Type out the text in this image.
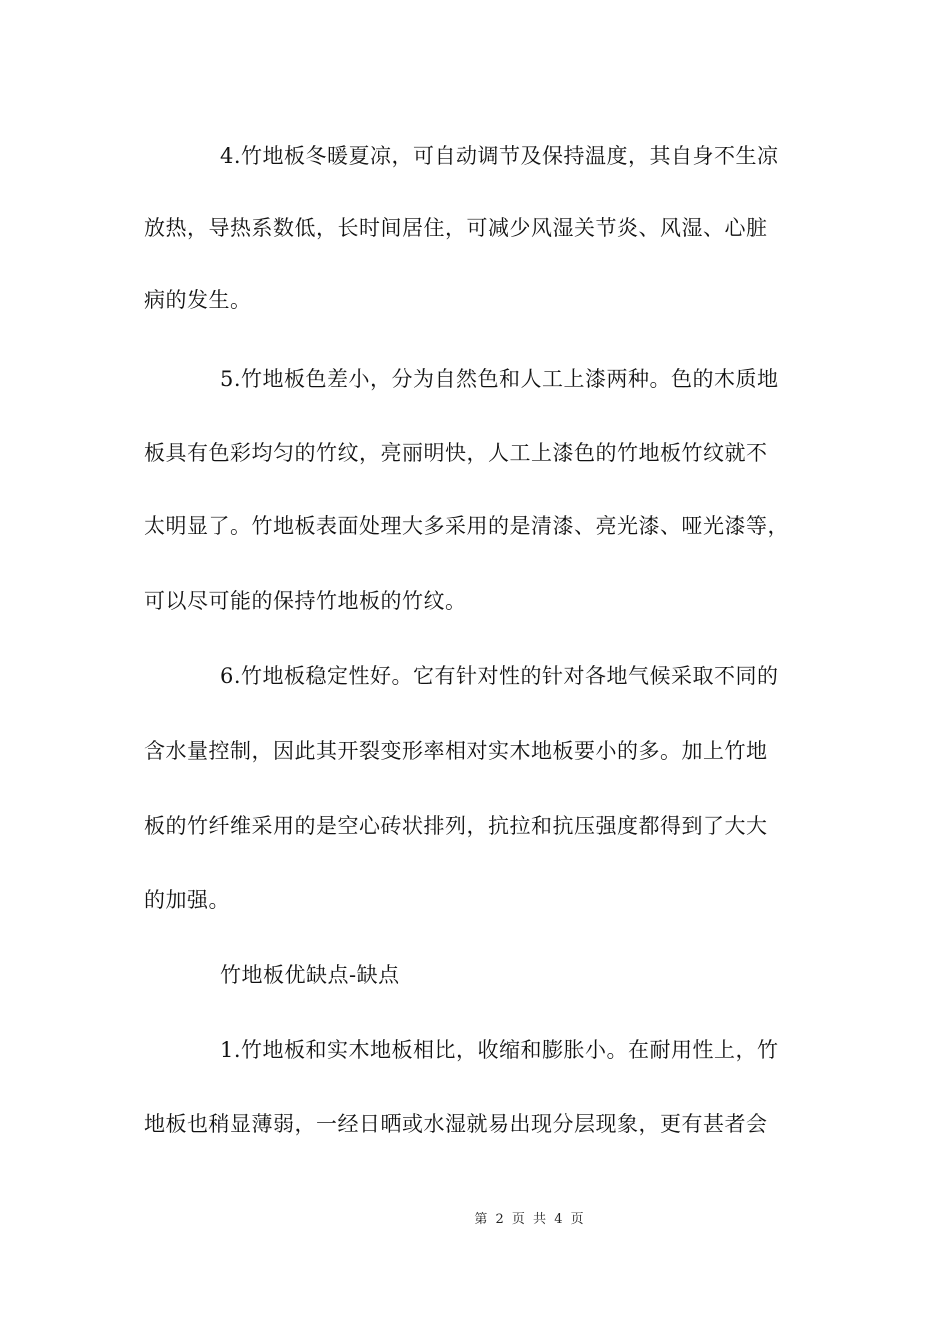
4.竹地板冬暖夏凉，可自动调节及保持温度，其自身不生凉
放热，导热系数低，长时间居住，可减少风湿关节炎、风湿、心脏
病的发生。
5.竹地板色差小，分为自然色和人工上漆两种。色的木质地
板具有色彩均匀的竹纹，亮丽明快，人工上漆色的竹地板竹纹就不
太明显了。竹地板表面处理大多采用的是清漆、亮光漆、哑光漆等，
可以尽可能的保持竹地板的竹纹。
6.竹地板稳定性好。它有针对性的针对各地气候采取不同的
含水量控制，因此其开裂变形率相对实木地板要小的多。加上竹地
板的竹纤维采用的是空心砖状排列，抗拉和抗压强度都得到了大大
的加强。
竹地板优缺点-缺点
1.竹地板和实木地板相比，收缩和膨胀小。在耐用性上，竹
地板也稍显薄弱，一经日晒或水湿就易出现分层现象，更有甚者会
第 2 页 共 4 页
